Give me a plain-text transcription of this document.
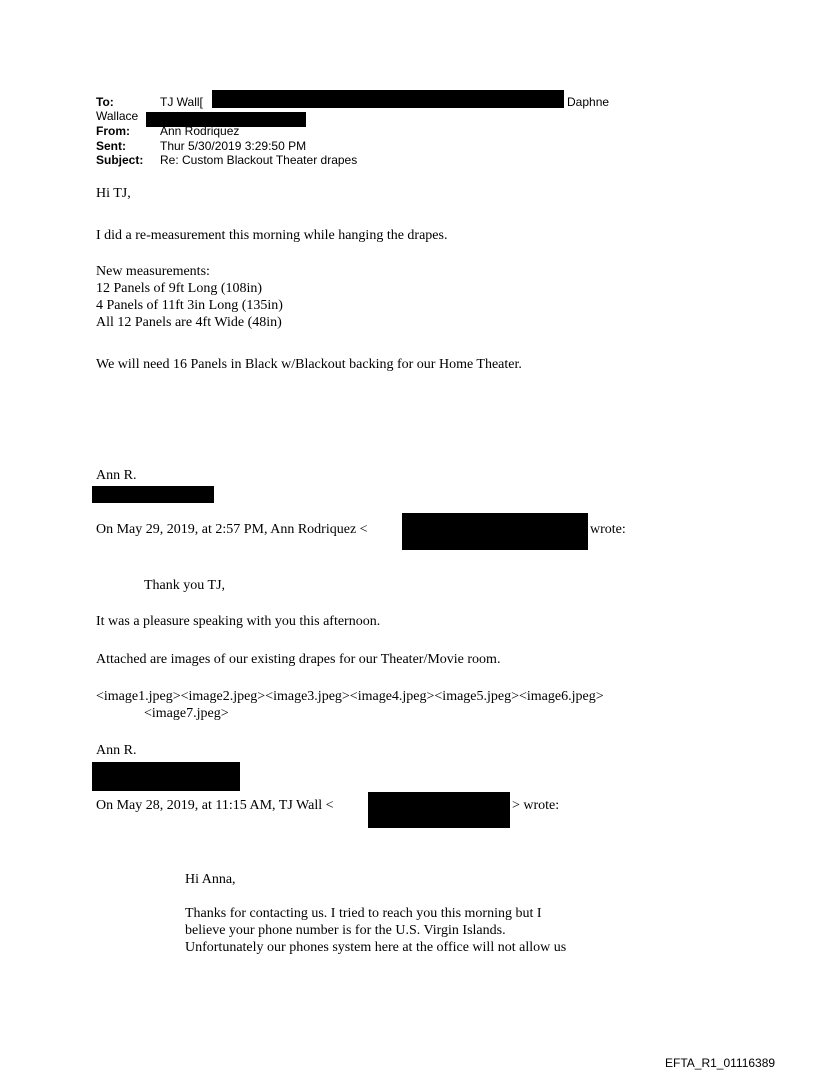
To:	TJ Wall[	Daphne
Wallace
From:	Ann Rodriquez
Sent:	Thur 5/30/2019 3:29:50 PM
Subject: Re: Custom Blackout Theater drapes
Hi TJ,
I did a re-measurement this morning while hanging the drapes.
New measurements:
12 Panels of 9ft Long (108in)
4 Panels of 11ft 3in Long (135in)
All 12 Panels are 4ft Wide (48in)
We will need 16 Panels in Black w/Blackout backing for our Home Theater.
Ann R.
On May 29, 2019, at 2:57 PM, Ann Rodriquez <	wrote:
Thank you TJ,
It was a pleasure speaking with you this afternoon.
Attached are images of our existing drapes for our Theater/Movie room.
<image1.jpeg><image2.jpeg><image3.jpeg><image4.jpeg><image5.jpeg><image6.jpeg>
<image7.jpeg>
Ann R.
On May 28, 2019, at 11:15 AM, TJ Wall <	> wrote:
Hi Anna,
Thanks for contacting us. I tried to reach you this morning but I
believe your phone number is for the U.S. Virgin Islands.
Unfortunately our phones system here at the office will not allow us
EFTA_R1_01116389
